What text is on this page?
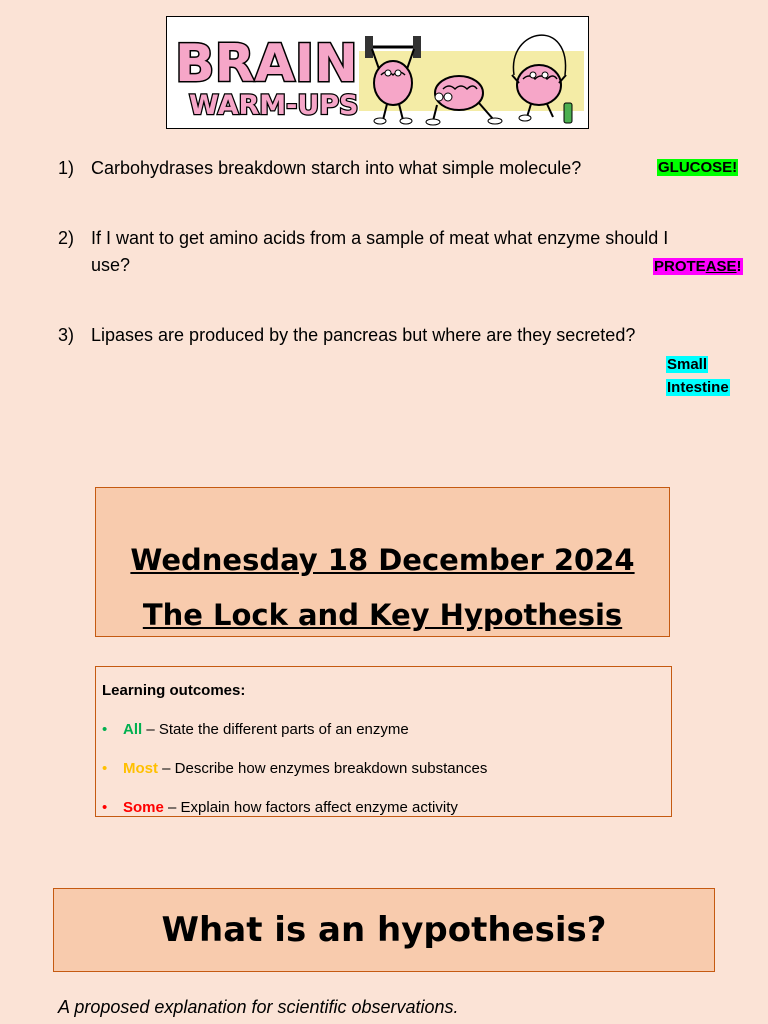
BRAIN
WARM-UPS
1) Carbohydrases breakdown starch into what simple molecule?
2) If I want to get amino acids from a sample of meat what enzyme should I use?
3) Lipases are produced by the pancreas but where are they secreted?
GLUCOSE!
PROTEASE!
Small
Intestine
Wednesday 18 December 2024
The Lock and Key Hypothesis
Learning outcomes:
• All – State the different parts of an enzyme
• Most – Describe how enzymes breakdown substances
• Some – Explain how factors affect enzyme activity
What is an hypothesis?
A proposed explanation for scientific observations.
